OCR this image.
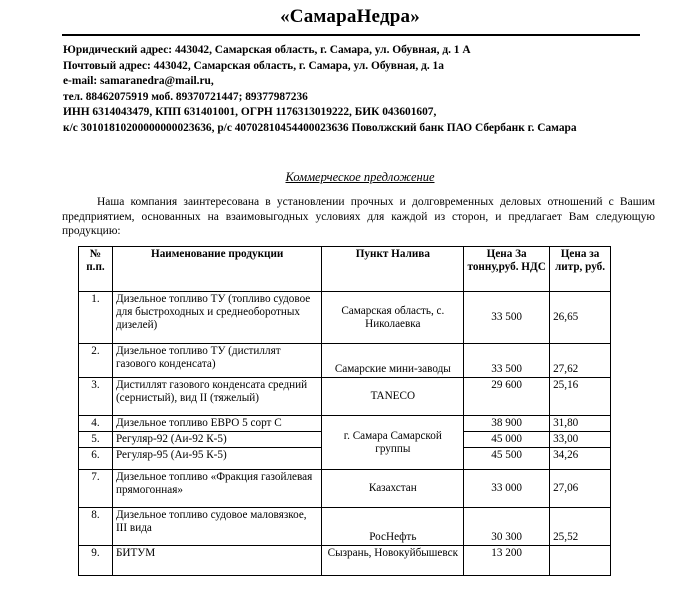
«СамараНедра»
Юридический адрес: 443042, Самарская область, г. Самара, ул. Обувная, д. 1 А
Почтовый адрес: 443042, Самарская область, г. Самара, ул. Обувная, д. 1а
e-mail: samaranedra@mail.ru,
тел. 88462075919 моб. 89370721447; 89377987236
ИНН 6314043479, КПП 631401001, ОГРН 1176313019222, БИК 043601607,
к/с 30101810200000000023636, р/с 40702810454400023636 Поволжский банк ПАО Сбербанк г. Самара
Коммерческое предложение
Наша компания заинтересована в установлении прочных и долговременных деловых отношений с Вашим предприятием, основанных на взаимовыгодных условиях для каждой из сторон, и предлагает Вам следующую продукцию:
№ п.п.	Наименование продукции	Пункт Налива	Цена За тонну,руб. НДС	Цена за литр, руб.
1.	Дизельное топливо ТУ (топливо судовое для быстроходных и среднеоборотных дизелей)	Самарская область, с. Николаевка	33 500	26,65
2.	Дизельное топливо ТУ (дистиллят газового конденсата)	Самарские мини-заводы	33 500	27,62
3.	Дистиллят газового конденсата средний (сернистый), вид II (тяжелый)	TANECO	29 600	25,16
4.	Дизельное топливо ЕВРО 5 сорт С	г. Самара Самарской группы	38 900	31,80
5.	Регуляр-92 (Аи-92 К-5)		45 000	33,00
6.	Регуляр-95 (Аи-95 К-5)		45 500	34,26
7.	Дизельное топливо «Фракция газойлевая прямогонная»	Казахстан	33 000	27,06
8.	Дизельное топливо судовое маловязкое, III вида	РосНефть	30 300	25,52
9.	БИТУМ	Сызрань, Новокуйбышевск	13 200	
